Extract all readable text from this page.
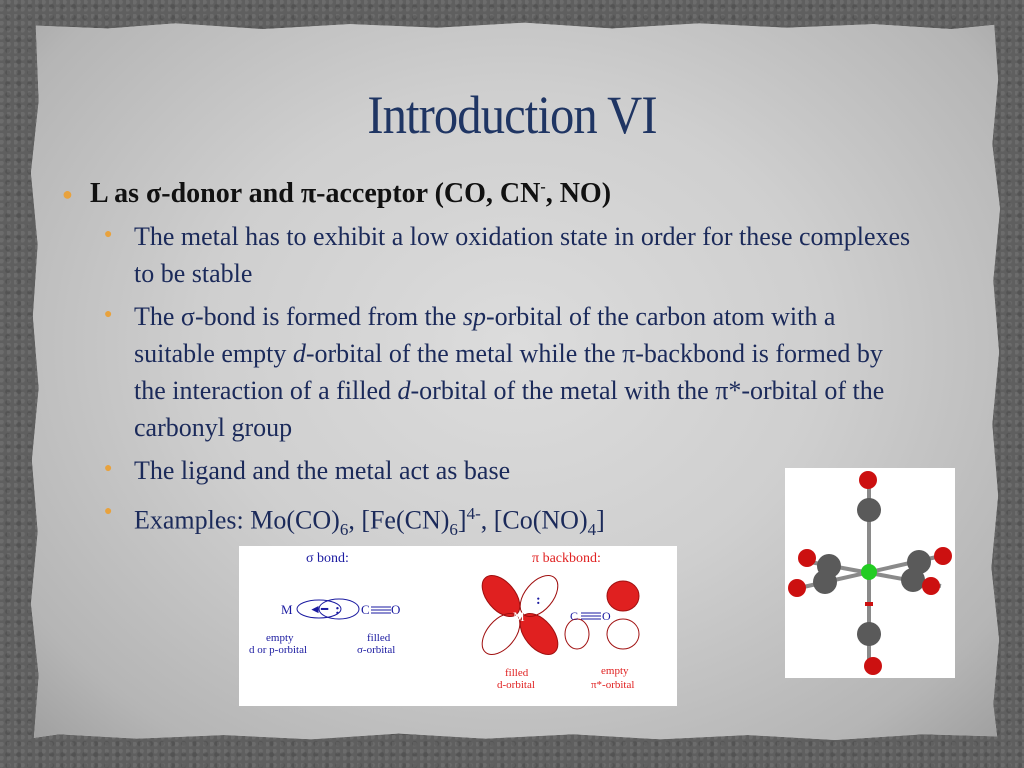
Introduction VI
● L as σ-donor and π-acceptor (CO, CN-, NO)
● The metal has to exhibit a low oxidation state in order for these complexes to be stable
● The σ-bond is formed from the sp-orbital of the carbon atom with a suitable empty d-orbital of the metal while the π-backbond is formed by the interaction of a filled d-orbital of the metal with the π*-orbital of the carbonyl group
● The ligand and the metal act as base
● Examples: $Mo(CO)_6$, $[Fe(CN)_6]^{4-}$, $[Co(NO)_4]$
σ bond:
M ◄━ : C O
empty
d or p-orbital
filled
σ-orbital
π backbond:
M
:
C O
filled
d-orbital
empty
π*-orbital
